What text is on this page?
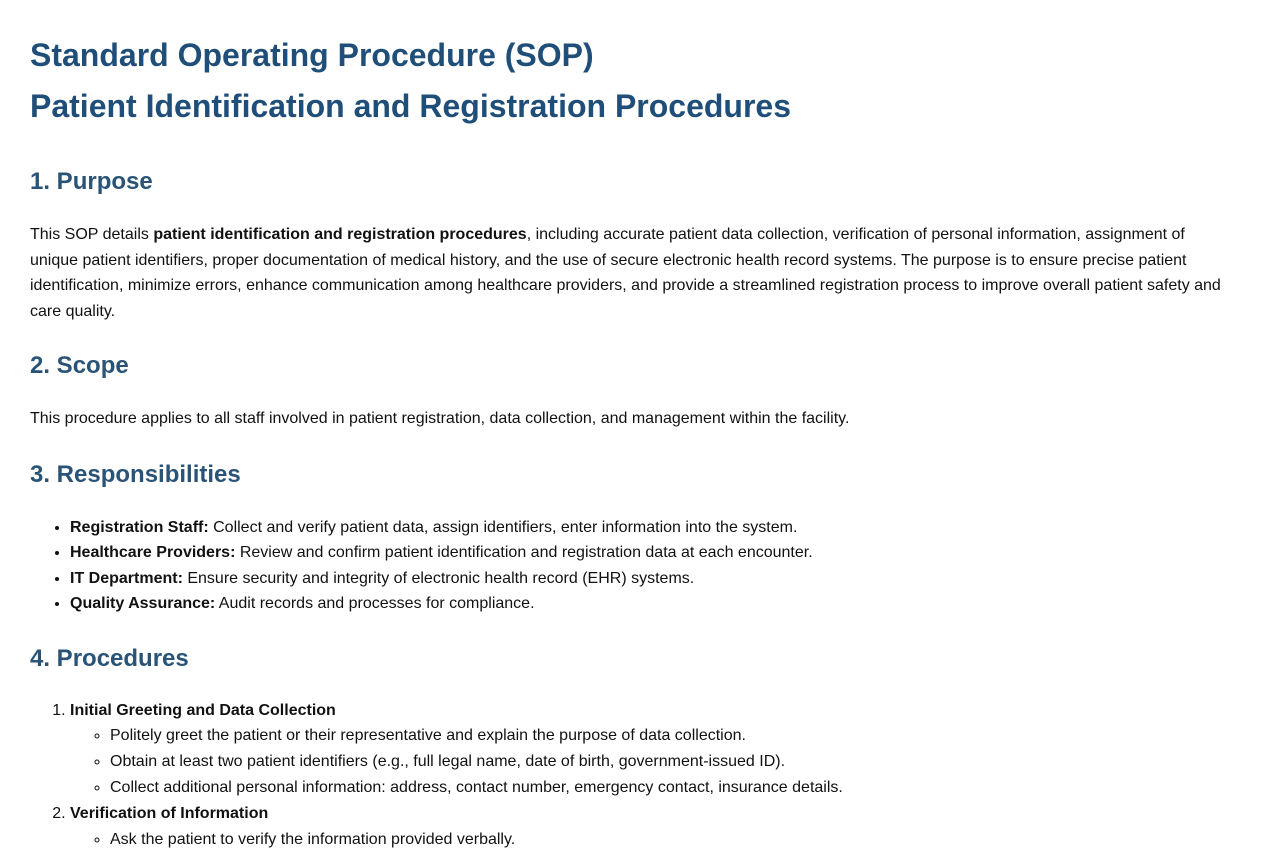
Standard Operating Procedure (SOP)
Patient Identification and Registration Procedures
1. Purpose

This SOP details patient identification and registration procedures, including accurate patient data collection, verification of personal information, assignment of unique patient identifiers, proper documentation of medical history, and the use of secure electronic health record systems. The purpose is to ensure precise patient identification, minimize errors, enhance communication among healthcare providers, and provide a streamlined registration process to improve overall patient safety and care quality.

2. Scope

This procedure applies to all staff involved in patient registration, data collection, and management within the facility.

3. Responsibilities
• Registration Staff: Collect and verify patient data, assign identifiers, enter information into the system.
• Healthcare Providers: Review and confirm patient identification and registration data at each encounter.
• IT Department: Ensure security and integrity of electronic health record (EHR) systems.
• Quality Assurance: Audit records and processes for compliance.
4. Procedures
1. Initial Greeting and Data Collection
◦ Politely greet the patient or their representative and explain the purpose of data collection.
◦ Obtain at least two patient identifiers (e.g., full legal name, date of birth, government-issued ID).
◦ Collect additional personal information: address, contact number, emergency contact, insurance details.
2. Verification of Information
◦ Ask the patient to verify the information provided verbally.
